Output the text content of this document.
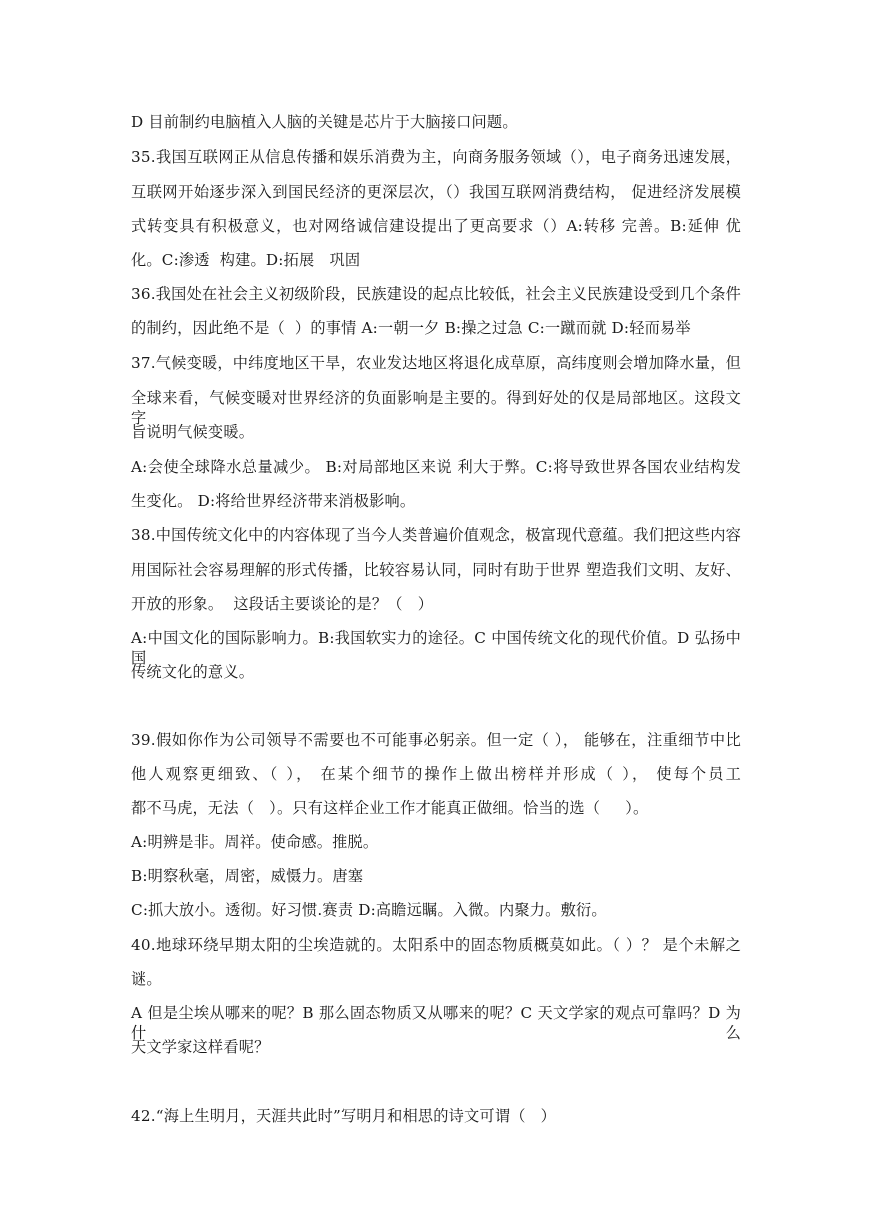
D 目前制约电脑植入人脑的关键是芯片于大脑接口问题。
35.我国互联网正从信息传播和娱乐消费为主，向商务服务领域（），电子商务迅速发展，
互联网开始逐步深入到国民经济的更深层次，（）我国互联网消费结构， 促进经济发展模
式转变具有积极意义，也对网络诚信建设提出了更高要求（）A:转移 完善。B:延伸 优
化。C:渗透  构建。D:拓展   巩固
36.我国处在社会主义初级阶段，民族建设的起点比较低，社会主义民族建设受到几个条件
的制约，因此绝不是（  ）的事情 A:一朝一夕 B:操之过急 C:一蹴而就 D:轻而易举
37.气候变暖，中纬度地区干旱，农业发达地区将退化成草原，高纬度则会增加降水量，但
全球来看，气候变暖对世界经济的负面影响是主要的。得到好处的仅是局部地区。这段文字
旨说明气候变暖。
A:会使全球降水总量减少。 B:对局部地区来说 利大于弊。C:将导致世界各国农业结构发
生变化。 D:将给世界经济带来消极影响。
38.中国传统文化中的内容体现了当今人类普遍价值观念，极富现代意蕴。我们把这些内容
用国际社会容易理解的形式传播，比较容易认同，同时有助于世界 塑造我们文明、友好、
开放的形象。  这段话主要谈论的是？（   ）
A:中国文化的国际影响力。B:我国软实力的途径。C 中国传统文化的现代价值。D 弘扬中国
传统文化的意义。
39.假如你作为公司领导不需要也不可能事必躬亲。但一定（ ）， 能够在，注重细节中比
他人观察更细致、（ ）， 在某个细节的操作上做出榜样并形成（ ）， 使每个员工
都不马虎，无法（   ）。只有这样企业工作才能真正做细。恰当的选（     ）。
A:明辨是非。周祥。使命感。推脱。
B:明察秋毫，周密，威慑力。唐塞
C:抓大放小。透彻。好习惯.赛责 D:高瞻远瞩。入微。内聚力。敷衍。
40.地球环绕早期太阳的尘埃造就的。太阳系中的固态物质概莫如此。（ ）？ 是个未解之
谜。
A 但是尘埃从哪来的呢？B 那么固态物质又从哪来的呢？C 天文学家的观点可靠吗？D 为什么
天文学家这样看呢？
42.“海上生明月，天涯共此时”写明月和相思的诗文可谓（   ）
